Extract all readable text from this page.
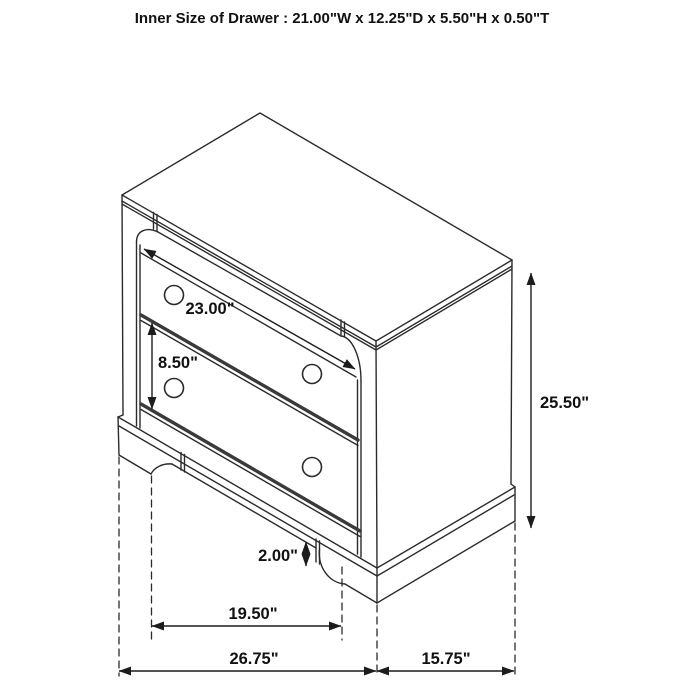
23.00"
8.50"
25.50"
2.00"
19.50"
26.75"	15.75"
Inner Size of Drawer : 21.00"W x 12.25"D x 5.50"H x 0.50"T
